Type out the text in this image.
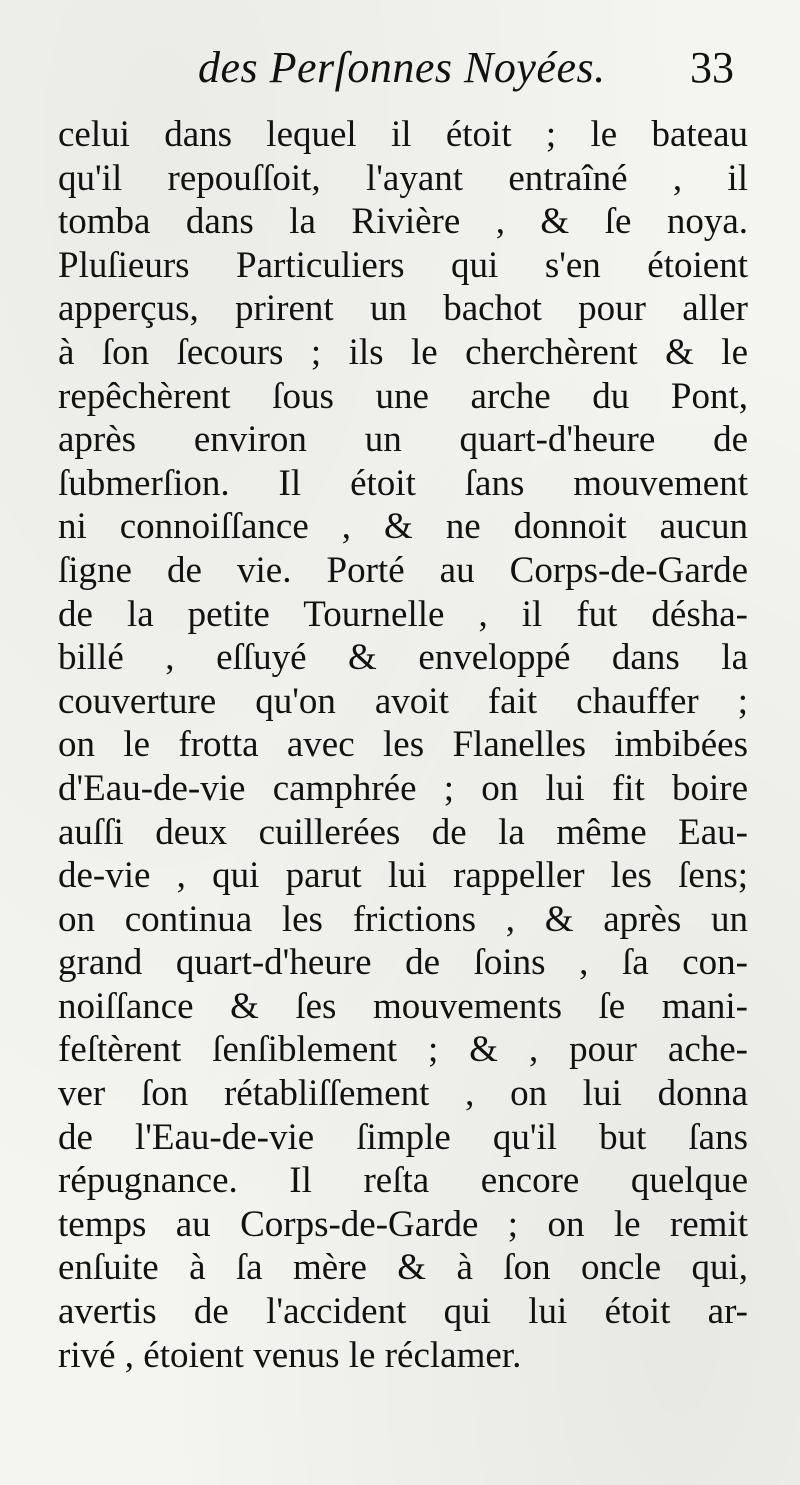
des Perſonnes Noyées. 33
celui dans lequel il étoit ; le bateau
qu'il repouſſoit, l'ayant entraîné , il
tomba dans la Rivière , & ſe noya.
Pluſieurs Particuliers qui s'en étoient
apperçus, prirent un bachot pour aller
à ſon ſecours ; ils le cherchèrent & le
repêchèrent ſous une arche du Pont,
après environ un quart-d'heure de
ſubmerſion. Il étoit ſans mouvement
ni connoiſſance , & ne donnoit aucun
ſigne de vie. Porté au Corps-de-Garde
de la petite Tournelle , il fut désha-
billé , eſſuyé & enveloppé dans la
couverture qu'on avoit fait chauffer ;
on le frotta avec les Flanelles imbibées
d'Eau-de-vie camphrée ; on lui fit boire
auſſi deux cuillerées de la même Eau-
de-vie , qui parut lui rappeller les ſens;
on continua les frictions , & après un
grand quart-d'heure de ſoins , ſa con-
noiſſance & ſes mouvements ſe mani-
feſtèrent ſenſiblement ; & , pour ache-
ver ſon rétabliſſement , on lui donna
de l'Eau-de-vie ſimple qu'il but ſans
répugnance. Il reſta encore quelque
temps au Corps-de-Garde ; on le remit
enſuite à ſa mère & à ſon oncle qui,
avertis de l'accident qui lui étoit ar-
rivé , étoient venus le réclamer.
